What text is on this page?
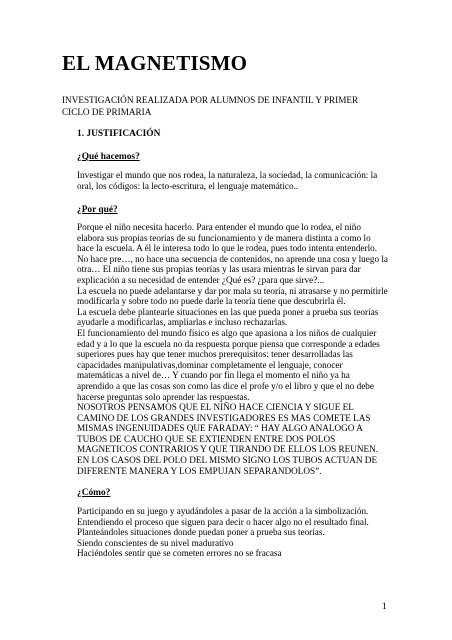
EL MAGNETISMO
INVESTIGACIÓN REALIZADA POR ALUMNOS DE INFANTIL Y PRIMER
CICLO DE PRIMARIA
1. JUSTIFICACIÓN
¿Qué hacemos?
Investigar el mundo que nos rodea, la naturaleza, la sociedad, la comunicación: la
oral, los códigos: la lecto-escritura, el lenguaje matemático..
¿Por qué?
Porque el niño necesita hacerlo. Para entender el mundo que lo rodea, el niño
elabora sus propias teorías de su funcionamiento y de manera distinta a como lo
hace la escuela. A él le interesa todo lo que le rodea, pues todo intenta entenderlo.
No hace pre…, no hace una secuencia de contenidos, no aprende una cosa y luego la
otra… El niño tiene sus propias teorías y las usara mientras le sirvan para dar
explicación a su necesidad de entender ¿Qué es? ¿para que sirve?...
La escuela no puede adelantarse y dar por mala su teoría, ni atrasarse y no permitirle
modificarla y sobre todo no puede darle la teoría tiene que descubrirla él.
La escuela debe plantearle situaciones en las que pueda poner a prueba sus teorías
ayudarle a modificarlas, ampliarlas e incluso rechazarlas.
El funcionamiento del mundo físico es algo que apasiona a los niños de cualquier
edad y a lo que la escuela no da respuesta porque piensa que corresponde a edades
superiores pues hay que tener muchos prerequisitos: tener desarrolladas las
capacidades manipulativas,dominar completamente el lenguaje, conocer
matemáticas a nivel de… Y cuando por fin llega el momento el niño ya ha
aprendido a que las cosas son como las dice el profe y/o el libro y que el no debe
hacerse preguntas solo aprender las respuestas.
NOSOTROS PENSAMOS QUE EL NIÑO HACE CIENCIA Y SIGUE EL
CAMINO DE LOS GRANDES INVESTIGADORES ES MAS COMETE LAS
MISMAS INGENUIDADES QUE FARADAY: “ HAY ALGO ANALOGO A
TUBOS DE CAUCHO QUE SE EXTIENDEN ENTRE DOS POLOS
MAGNETICOS CONTRARIOS Y QUE TIRANDO DE ELLOS LOS REUNEN.
EN LOS CASOS DEL POLO DEL MISMO SIGNO LOS TUBOS ACTUAN DE
DIFERENTE MANERA Y LOS EMPUJAN SEPARANDOLOS”.
¿Cómo?
Participando en su juego y ayudándoles a pasar de la acción a la simbolización.
Entendiendo el proceso que siguen para decir o hacer algo no el resultado final.
Planteándoles situaciones donde puedan poner a prueba sus teorías.
Siendo conscientes de su nivel maduratívo
Haciéndoles sentir que se cometen errores no se fracasa
1
